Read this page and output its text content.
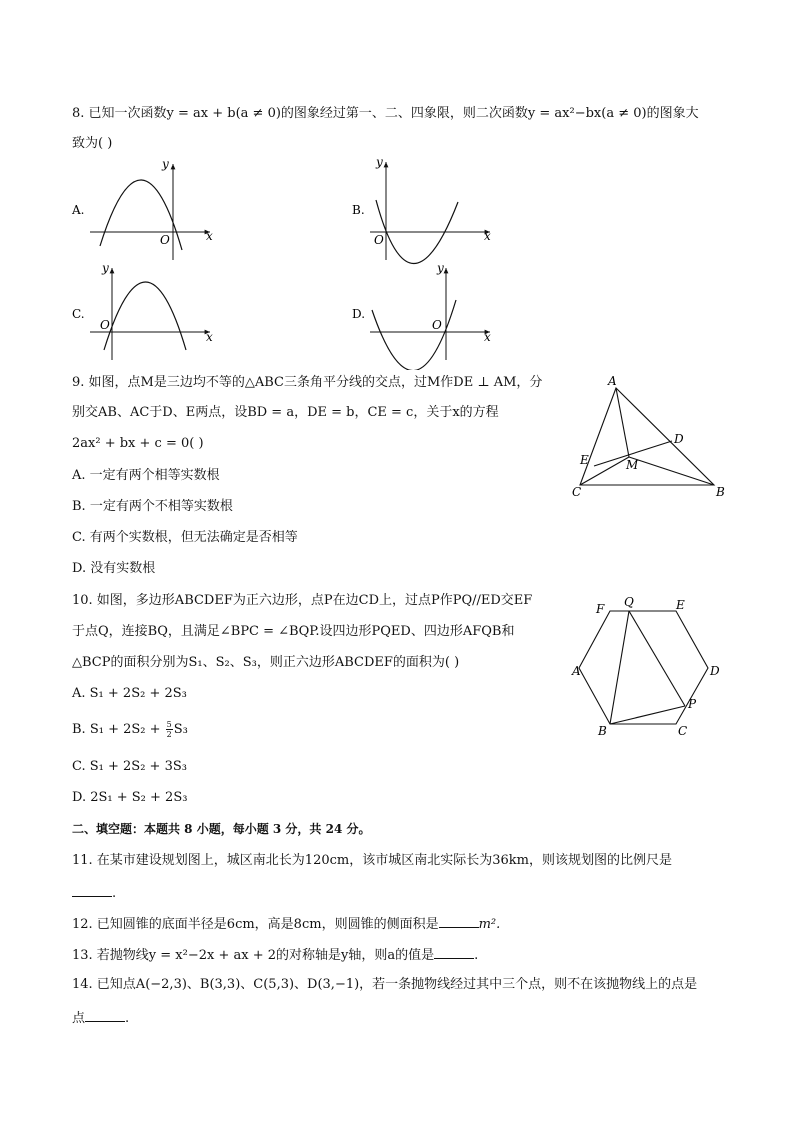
8. 已知一次函数y = ax + b(a ≠ 0)的图象经过第一、二、四象限，则二次函数y = ax²−bx(a ≠ 0)的图象大
致为( )
A.
x
y
O
B.
x
y
O
C.
x
y
O
D.
x
y
O
9. 如图，点M是三边均不等的△ABC三条角平分线的交点，过M作DE ⊥ AM，分
别交AB、AC于D、E两点，设BD = a，DE = b，CE = c，关于x的方程
2ax² + bx + c = 0( )
A. 一定有两个相等实数根
B. 一定有两个不相等实数根
C. 有两个实数根，但无法确定是否相等
D. 没有实数根
A
B
C
D
E	M
10. 如图，多边形ABCDEF为正六边形，点P在边CD上，过点P作PQ//ED交EF
于点Q，连接BQ，且满足∠BPC = ∠BQP.设四边形PQED、四边形AFQB和
△BCP的面积分别为S₁、S₂、S₃，则正六边形ABCDEF的面积为( )
A. S₁ + 2S₂ + 2S₃
B. $S_1 + 2S_2 + \frac{5}{2} S_3$
C. S₁ + 2S₂ + 3S₃
D. 2S₁ + S₂ + 2S₃
A
B	C
D
E
F
P
Q
二、填空题：本题共 8 小题，每小题 3 分，共 24 分。
11. 在某市建设规划图上，城区南北长为120cm，该市城区南北实际长为36km，则该规划图的比例尺是
.
12. 已知圆锥的底面半径是6cm，高是8cm，则圆锥的侧面积是	m².
13. 若抛物线y = x²−2x + ax + 2的对称轴是y轴，则a的值是	.
14. 已知点A(−2,3)、B(3,3)、C(5,3)、D(3,−1)，若一条抛物线经过其中三个点，则不在该抛物线上的点是
点	.
